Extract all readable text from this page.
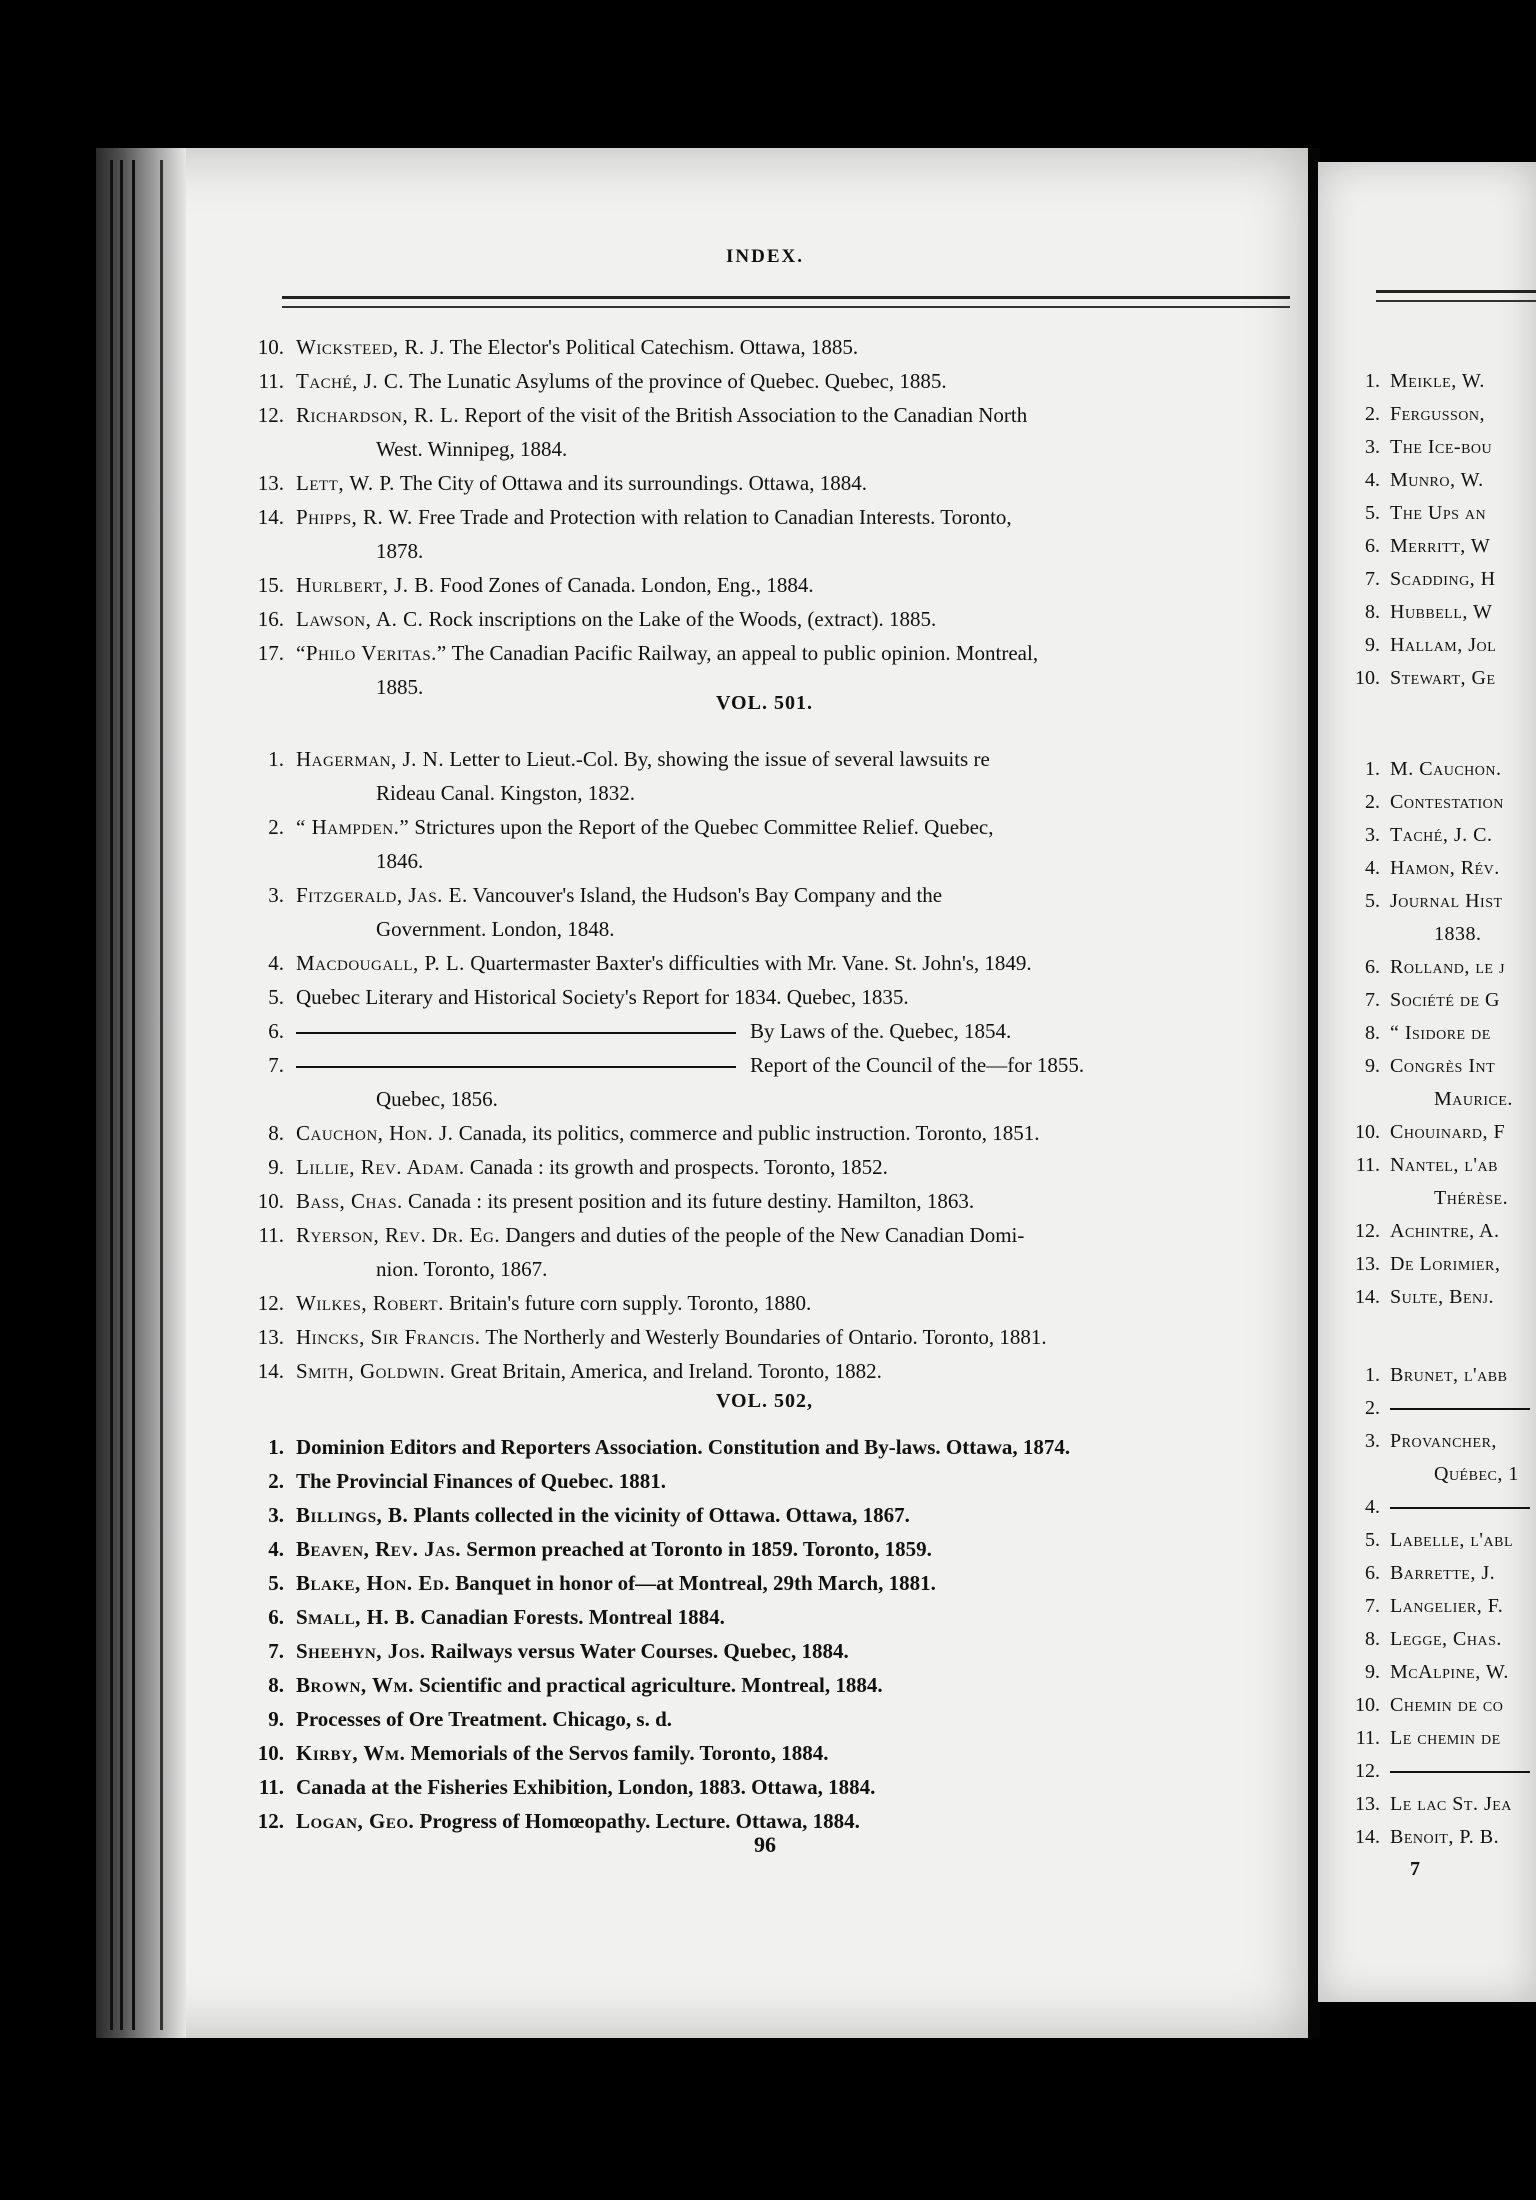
INDEX.
10. Wicksteed, R. J. The Elector's Political Catechism. Ottawa, 1885.
11. Taché, J. C. The Lunatic Asylums of the province of Quebec. Quebec, 1885.
12. Richardson, R. L. Report of the visit of the British Association to the Canadian North
West. Winnipeg, 1884.
13. Lett, W. P. The City of Ottawa and its surroundings. Ottawa, 1884.
14. Phipps, R. W. Free Trade and Protection with relation to Canadian Interests. Toronto,
1878.
15. Hurlbert, J. B. Food Zones of Canada. London, Eng., 1884.
16. Lawson, A. C. Rock inscriptions on the Lake of the Woods, (extract). 1885.
17. “Philo Veritas.” The Canadian Pacific Railway, an appeal to public opinion. Montreal,
1885.
VOL. 501.
1. Hagerman, J. N. Letter to Lieut.-Col. By, showing the issue of several lawsuits re
Rideau Canal. Kingston, 1832.
2. “ Hampden.” Strictures upon the Report of the Quebec Committee Relief. Quebec,
1846.
3. Fitzgerald, Jas. E. Vancouver's Island, the Hudson's Bay Company and the
Government. London, 1848.
4. Macdougall, P. L. Quartermaster Baxter's difficulties with Mr. Vane. St. John's, 1849.
5. Quebec Literary and Historical Society's Report for 1834. Quebec, 1835.
6.	By Laws of the. Quebec, 1854.
7.	Report of the Council of the—for 1855.
Quebec, 1856.
8. Cauchon, Hon. J. Canada, its politics, commerce and public instruction. Toronto, 1851.
9. Lillie, Rev. Adam. Canada : its growth and prospects. Toronto, 1852.
10. Bass, Chas. Canada : its present position and its future destiny. Hamilton, 1863.
11. Ryerson, Rev. Dr. Eg. Dangers and duties of the people of the New Canadian Domi-
nion. Toronto, 1867.
12. Wilkes, Robert. Britain's future corn supply. Toronto, 1880.
13. Hincks, Sir Francis. The Northerly and Westerly Boundaries of Ontario. Toronto, 1881.
14. Smith, Goldwin. Great Britain, America, and Ireland. Toronto, 1882.
VOL. 502,
1. Dominion Editors and Reporters Association. Constitution and By-laws. Ottawa, 1874.
2. The Provincial Finances of Quebec. 1881.
3. Billings, B. Plants collected in the vicinity of Ottawa. Ottawa, 1867.
4. Beaven, Rev. Jas. Sermon preached at Toronto in 1859. Toronto, 1859.
5. Blake, Hon. Ed. Banquet in honor of—at Montreal, 29th March, 1881.
6. Small, H. B. Canadian Forests. Montreal 1884.
7. Sheehyn, Jos. Railways versus Water Courses. Quebec, 1884.
8. Brown, Wm. Scientific and practical agriculture. Montreal, 1884.
9. Processes of Ore Treatment. Chicago, s. d.
10. Kirby, Wm. Memorials of the Servos family. Toronto, 1884.
11. Canada at the Fisheries Exhibition, London, 1883. Ottawa, 1884.
12. Logan, Geo. Progress of Homœopathy. Lecture. Ottawa, 1884.
96
1. Meikle, W.
2. Fergusson,
3. The Ice-bou
4. Munro, W.
5. The Ups an
6. Merritt, W
7. Scadding, H
8. Hubbell, W
9. Hallam, Jol
10. Stewart, Ge
1. M. Cauchon.
2. Contestation
3. Taché, J. C.
4. Hamon, Rév.
5. Journal Hist
1838.
6. Rolland, le j
7. Société de G
8. “ Isidore de
9. Congrès Int
Maurice.
10. Chouinard, F
11. Nantel, l'ab
Thérèse.
12. Achintre, A.
13. De Lorimier,
14. Sulte, Benj.
1. Brunet, l'abb
2.
3. Provancher,
Québec, 1
4.
5. Labelle, l'abl
6. Barrette, J.
7. Langelier, F.
8. Legge, Chas.
9. McAlpine, W.
10. Chemin de co
11. Le chemin de
12.
13. Le lac St. Jea
14. Benoit, P. B.
7
